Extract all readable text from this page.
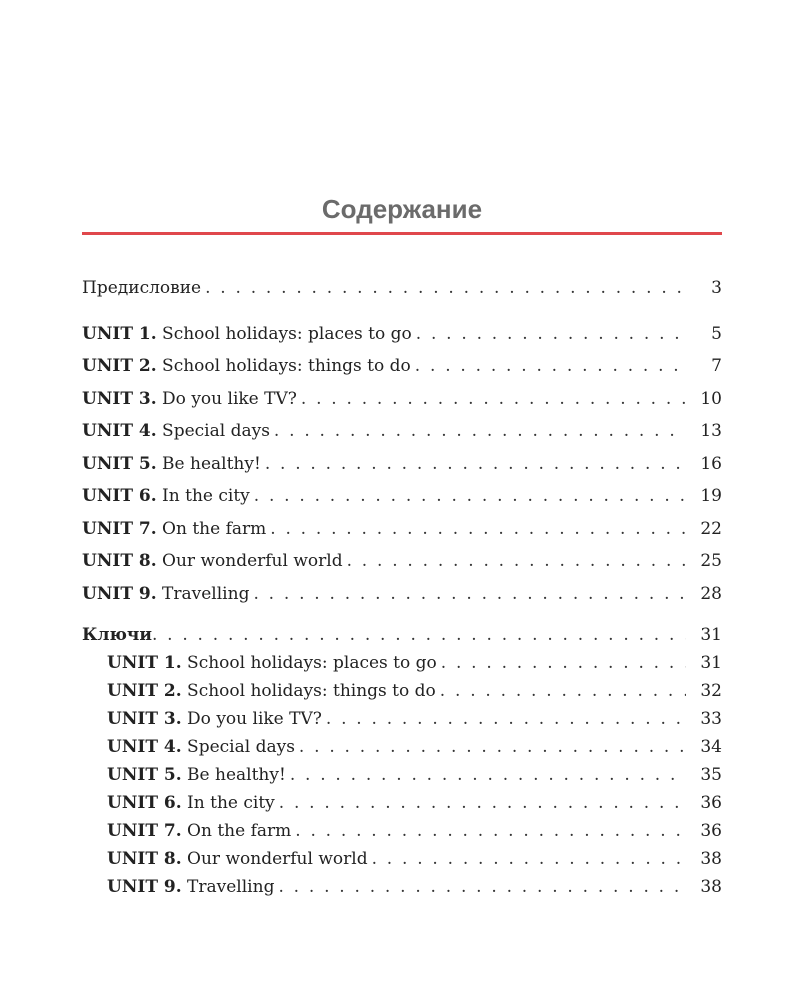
Содержание
Предисловие . . .	3
UNIT 1. School holidays: places to go . . .	5
UNIT 2. School holidays: things to do . . .	7
UNIT 3. Do you like TV? . . .	10
UNIT 4. Special days . . .	13
UNIT 5. Be healthy! . . .	16
UNIT 6. In the city . . .	19
UNIT 7. On the farm . . .	22
UNIT 8. Our wonderful world . . .	25
UNIT 9. Travelling . . .	28
Ключи . . .	31
UNIT 1. School holidays: places to go . . .	31
UNIT 2. School holidays: things to do . . .	32
UNIT 3. Do you like TV? . . .	33
UNIT 4. Special days . . .	34
UNIT 5. Be healthy! . . .	35
UNIT 6. In the city . . .	36
UNIT 7. On the farm . . .	36
UNIT 8. Our wonderful world . . .	38
UNIT 9. Travelling . . .	38
